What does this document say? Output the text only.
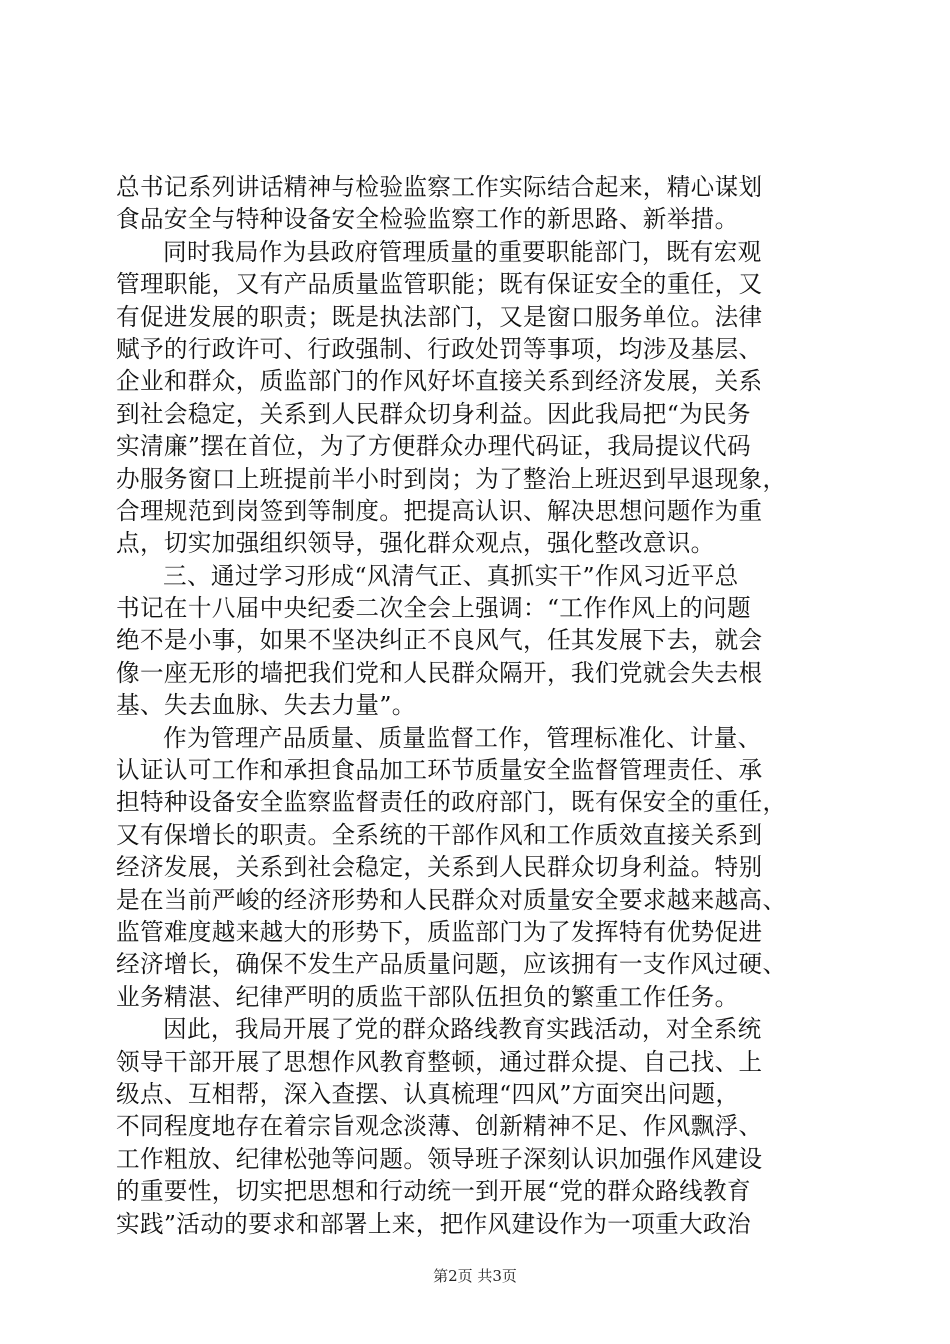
总书记系列讲话精神与检验监察工作实际结合起来，精心谋划
食品安全与特种设备安全检验监察工作的新思路、新举措。
同时我局作为县政府管理质量的重要职能部门，既有宏观
管理职能，又有产品质量监管职能；既有保证安全的重任，又
有促进发展的职责；既是执法部门，又是窗口服务单位。法律
赋予的行政许可、行政强制、行政处罚等事项，均涉及基层、
企业和群众，质监部门的作风好坏直接关系到经济发展，关系
到社会稳定，关系到人民群众切身利益。因此我局把“为民务
实清廉”摆在首位，为了方便群众办理代码证，我局提议代码
办服务窗口上班提前半小时到岗；为了整治上班迟到早退现象，
合理规范到岗签到等制度。把提高认识、解决思想问题作为重
点，切实加强组织领导，强化群众观点，强化整改意识。
三、通过学习形成“风清气正、真抓实干”作风习近平总
书记在十八届中央纪委二次全会上强调：“工作作风上的问题
绝不是小事，如果不坚决纠正不良风气，任其发展下去，就会
像一座无形的墙把我们党和人民群众隔开，我们党就会失去根
基、失去血脉、失去力量”。
作为管理产品质量、质量监督工作，管理标准化、计量、
认证认可工作和承担食品加工环节质量安全监督管理责任、承
担特种设备安全监察监督责任的政府部门，既有保安全的重任，
又有保增长的职责。全系统的干部作风和工作质效直接关系到
经济发展，关系到社会稳定，关系到人民群众切身利益。特别
是在当前严峻的经济形势和人民群众对质量安全要求越来越高、
监管难度越来越大的形势下，质监部门为了发挥特有优势促进
经济增长，确保不发生产品质量问题，应该拥有一支作风过硬、
业务精湛、纪律严明的质监干部队伍担负的繁重工作任务。
因此，我局开展了党的群众路线教育实践活动，对全系统
领导干部开展了思想作风教育整顿，通过群众提、自己找、上
级点、互相帮，深入查摆、认真梳理“四风”方面突出问题，
不同程度地存在着宗旨观念淡薄、创新精神不足、作风飘浮、
工作粗放、纪律松弛等问题。领导班子深刻认识加强作风建设
的重要性，切实把思想和行动统一到开展“党的群众路线教育
实践”活动的要求和部署上来，把作风建设作为一项重大政治
第2页 共3页
